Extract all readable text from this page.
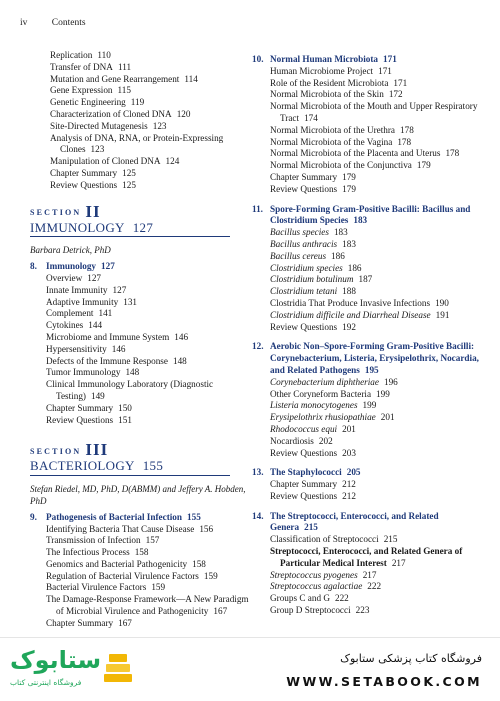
iv	Contents
Replication 110
Transfer of DNA 111
Mutation and Gene Rearrangement 114
Gene Expression 115
Genetic Engineering 119
Characterization of Cloned DNA 120
Site-Directed Mutagenesis 123
Analysis of DNA, RNA, or Protein-Expressing Clones 123
Manipulation of Cloned DNA 124
Chapter Summary 125
Review Questions 125
SECTION II
IMMUNOLOGY 127
Barbara Detrick, PhD
8. Immunology 127
Overview 127
Innate Immunity 127
Adaptive Immunity 131
Complement 141
Cytokines 144
Microbiome and Immune System 146
Hypersensitivity 146
Defects of the Immune Response 148
Tumor Immunology 148
Clinical Immunology Laboratory (Diagnostic Testing) 149
Chapter Summary 150
Review Questions 151
SECTION III
BACTERIOLOGY 155
Stefan Riedel, MD, PhD, D(ABMM) and Jeffery A. Hobden, PhD
9. Pathogenesis of Bacterial Infection 155
Identifying Bacteria That Cause Disease 156
Transmission of Infection 157
The Infectious Process 158
Genomics and Bacterial Pathogenicity 158
Regulation of Bacterial Virulence Factors 159
Bacterial Virulence Factors 159
The Damage-Response Framework—A New Paradigm of Microbial Virulence and Pathogenicity 167
Chapter Summary 167
10. Normal Human Microbiota 171
Human Microbiome Project 171
Role of the Resident Microbiota 171
Normal Microbiota of the Skin 172
Normal Microbiota of the Mouth and Upper Respiratory Tract 174
Normal Microbiota of the Urethra 178
Normal Microbiota of the Vagina 178
Normal Microbiota of the Placenta and Uterus 178
Normal Microbiota of the Conjunctiva 179
Chapter Summary 179
Review Questions 179
11. Spore-Forming Gram-Positive Bacilli: Bacillus and Clostridium Species 183
Bacillus species 183
Bacillus anthracis 183
Bacillus cereus 186
Clostridium species 186
Clostridium botulinum 187
Clostridium tetani 188
Clostridia That Produce Invasive Infections 190
Clostridium difficile and Diarrheal Disease 191
Review Questions 192
12. Aerobic Non–Spore-Forming Gram-Positive Bacilli: Corynebacterium, Listeria, Erysipelothrix, Nocardia, and Related Pathogens 195
Corynebacterium diphtheriae 196
Other Coryneform Bacteria 199
Listeria monocytogenes 199
Erysipelothrix rhusiopathiae 201
Rhodococcus equi 201
Nocardiosis 202
Review Questions 203
13. The Staphylococci 205
Chapter Summary 212
Review Questions 212
14. The Streptococci, Enterococci, and Related Genera 215
Classification of Streptococci 215
Streptococci, Enterococci, and Related Genera of Particular Medical Interest 217
Streptococcus pyogenes 217
Streptococcus agalactiae 222
Groups C and G 222
Group D Streptococci 223
ستابوک
فروشگاه اینترنتی کتاب
فروشگاه کتاب پزشکی ستابوک
WWW.SETABOOK.COM
